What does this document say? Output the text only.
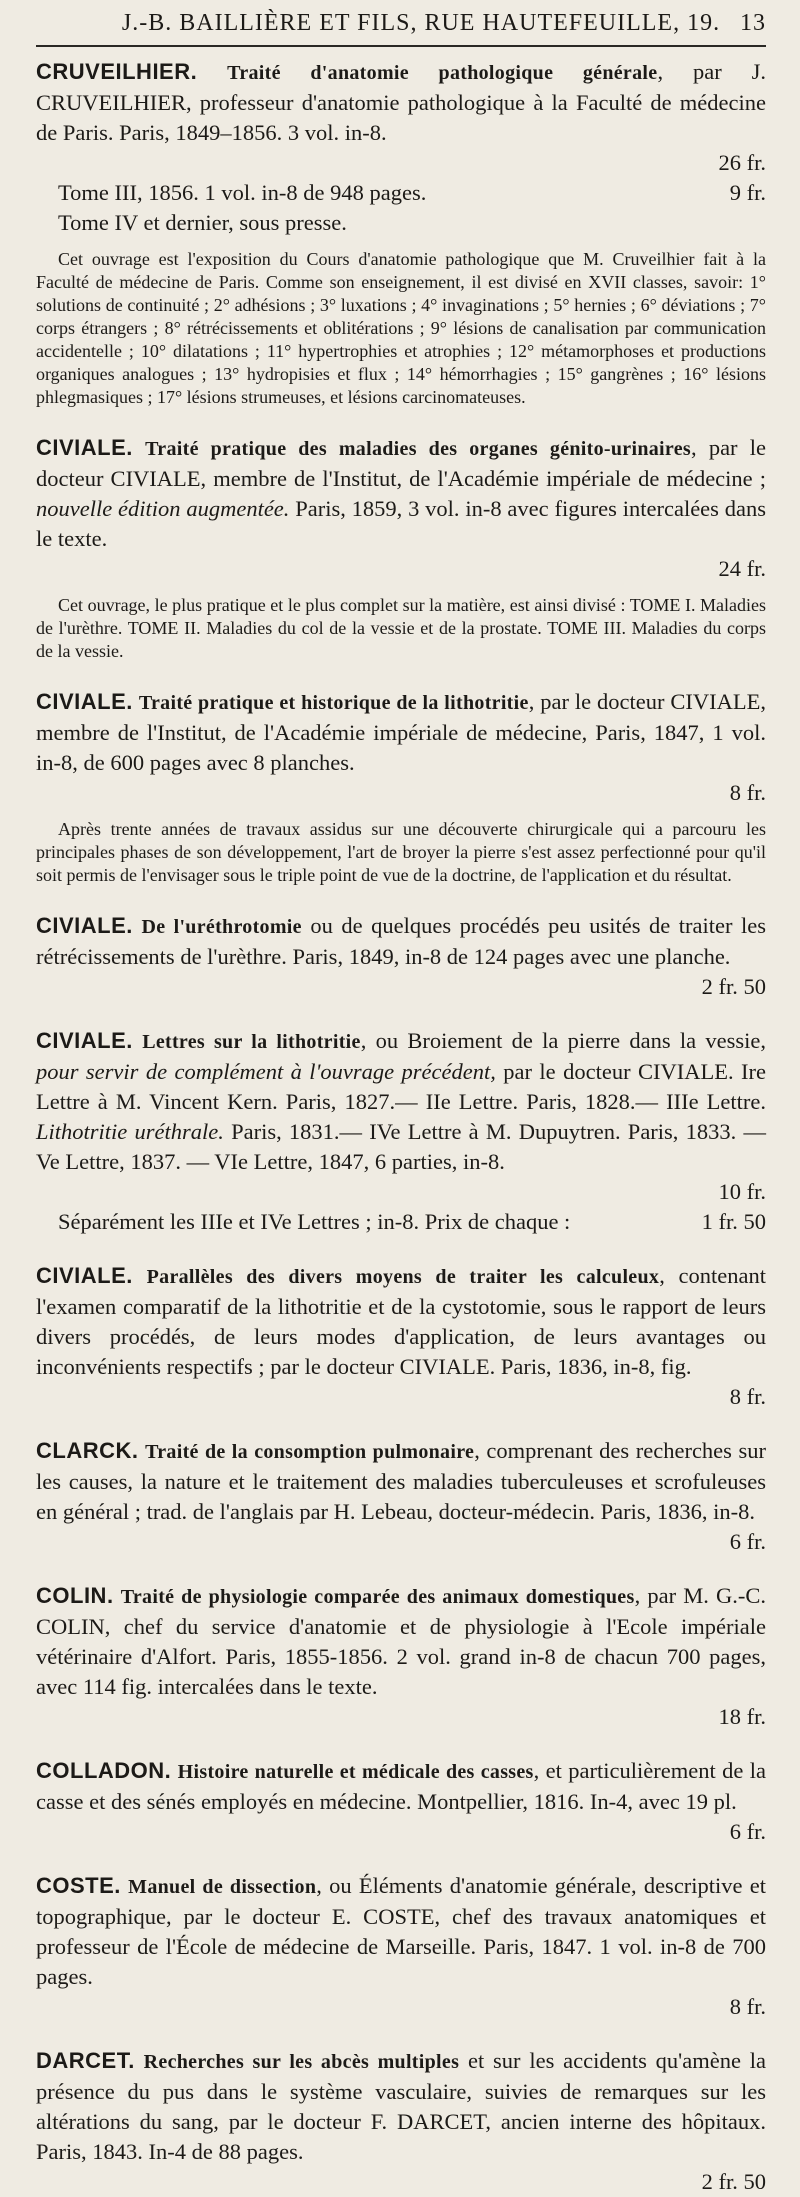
J.-B. BAILLIÈRE ET FILS, RUE HAUTEFEUILLE, 19. 13

CRUVEILHIER. Traité d'anatomie pathologique générale, par J. CRUVEILHIER, professeur d'anatomie pathologique à la Faculté de médecine de Paris. Paris, 1849–1856. 3 vol. in-8.

26 fr.
Tome III, 1856. 1 vol. in-8 de 948 pages.	9 fr.
Tome IV et dernier, sous presse.

Cet ouvrage est l'exposition du Cours d'anatomie pathologique que M. Cruveilhier fait à la Faculté de médecine de Paris. Comme son enseignement, il est divisé en XVII classes, savoir: 1° solutions de continuité ; 2° adhésions ; 3° luxations ; 4° invaginations ; 5° hernies ; 6° déviations ; 7° corps étrangers ; 8° rétrécissements et oblitérations ; 9° lésions de canalisation par communication accidentelle ; 10° dilatations ; 11° hypertrophies et atrophies ; 12° métamorphoses et productions organiques analogues ; 13° hydropisies et flux ; 14° hémorrhagies ; 15° gangrènes ; 16° lésions phlegmasiques ; 17° lésions strumeuses, et lésions carcinomateuses.

CIVIALE. Traité pratique des maladies des organes génito-urinaires, par le docteur CIVIALE, membre de l'Institut, de l'Académie impériale de médecine ; nouvelle édition augmentée. Paris, 1859, 3 vol. in-8 avec figures intercalées dans le texte.

24 fr.

Cet ouvrage, le plus pratique et le plus complet sur la matière, est ainsi divisé : TOME I. Maladies de l'urèthre. TOME II. Maladies du col de la vessie et de la prostate. TOME III. Maladies du corps de la vessie.

CIVIALE. Traité pratique et historique de la lithotritie, par le docteur CIVIALE, membre de l'Institut, de l'Académie impériale de médecine, Paris, 1847, 1 vol. in-8, de 600 pages avec 8 planches.

8 fr.

Après trente années de travaux assidus sur une découverte chirurgicale qui a parcouru les principales phases de son développement, l'art de broyer la pierre s'est assez perfectionné pour qu'il soit permis de l'envisager sous le triple point de vue de la doctrine, de l'application et du résultat.

CIVIALE. De l'uréthrotomie ou de quelques procédés peu usités de traiter les rétrécissements de l'urèthre. Paris, 1849, in-8 de 124 pages avec une planche.

2 fr. 50

CIVIALE. Lettres sur la lithotritie, ou Broiement de la pierre dans la vessie, pour servir de complément à l'ouvrage précédent, par le docteur CIVIALE. Ire Lettre à M. Vincent Kern. Paris, 1827.— IIe Lettre. Paris, 1828.— IIIe Lettre. Lithotritie uréthrale. Paris, 1831.— IVe Lettre à M. Dupuytren. Paris, 1833. — Ve Lettre, 1837. — VIe Lettre, 1847, 6 parties, in-8.

10 fr.
Séparément les IIIe et IVe Lettres ; in-8. Prix de chaque :	1 fr. 50

CIVIALE. Parallèles des divers moyens de traiter les calculeux, contenant l'examen comparatif de la lithotritie et de la cystotomie, sous le rapport de leurs divers procédés, de leurs modes d'application, de leurs avantages ou inconvénients respectifs ; par le docteur CIVIALE. Paris, 1836, in-8, fig.

8 fr.

CLARCK. Traité de la consomption pulmonaire, comprenant des recherches sur les causes, la nature et le traitement des maladies tuberculeuses et scrofuleuses en général ; trad. de l'anglais par H. Lebeau, docteur-médecin. Paris, 1836, in-8.

6 fr.

COLIN. Traité de physiologie comparée des animaux domestiques, par M. G.-C. COLIN, chef du service d'anatomie et de physiologie à l'Ecole impériale vétérinaire d'Alfort. Paris, 1855-1856. 2 vol. grand in-8 de chacun 700 pages, avec 114 fig. intercalées dans le texte.

18 fr.

COLLADON. Histoire naturelle et médicale des casses, et particulièrement de la casse et des sénés employés en médecine. Montpellier, 1816. In-4, avec 19 pl.

6 fr.

COSTE. Manuel de dissection, ou Éléments d'anatomie générale, descriptive et topographique, par le docteur E. COSTE, chef des travaux anatomiques et professeur de l'École de médecine de Marseille. Paris, 1847. 1 vol. in-8 de 700 pages.

8 fr.

DARCET. Recherches sur les abcès multiples et sur les accidents qu'amène la présence du pus dans le système vasculaire, suivies de remarques sur les altérations du sang, par le docteur F. DARCET, ancien interne des hôpitaux. Paris, 1843. In-4 de 88 pages.

2 fr. 50
